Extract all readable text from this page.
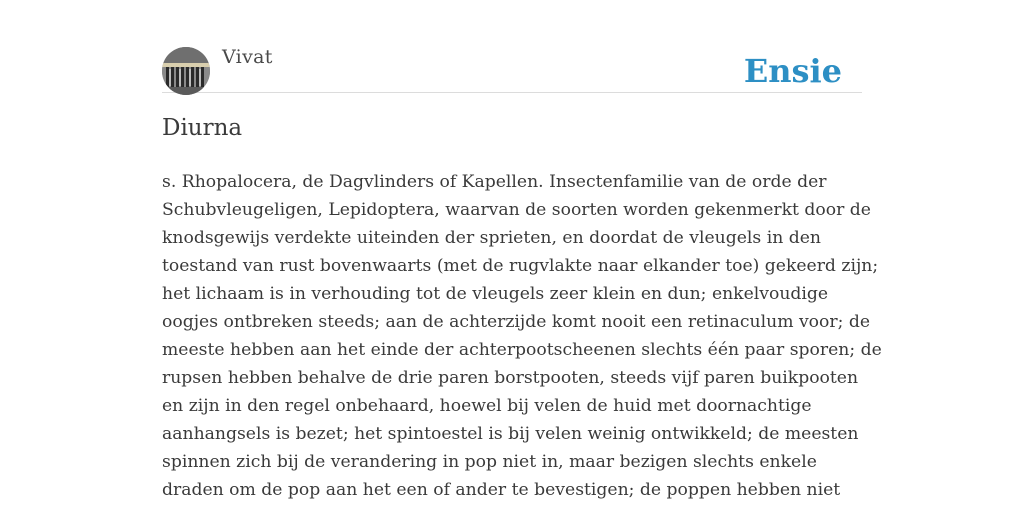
Vivat	Ensie
Diurna

s. Rhopalocera, de Dagvlinders of Kapellen. Insectenfamilie van de orde der
Schubvleugeligen, Lepidoptera, waarvan de soorten worden gekenmerkt door de
knodsgewijs verdekte uiteinden der sprieten, en doordat de vleugels in den
toestand van rust bovenwaarts (met de rugvlakte naar elkander toe) gekeerd zijn;
het lichaam is in verhouding tot de vleugels zeer klein en dun; enkelvoudige
oogjes ontbreken steeds; aan de achterzijde komt nooit een retinaculum voor; de
meeste hebben aan het einde der achterpootscheenen slechts één paar sporen; de
rupsen hebben behalve de drie paren borstpooten, steeds vijf paren buikpooten
en zijn in den regel onbehaard, hoewel bij velen de huid met doornachtige
aanhangsels is bezet; het spintoestel is bij velen weinig ontwikkeld; de meesten
spinnen zich bij de verandering in pop niet in, maar bezigen slechts enkele
draden om de pop aan het een of ander te bevestigen; de poppen hebben niet
